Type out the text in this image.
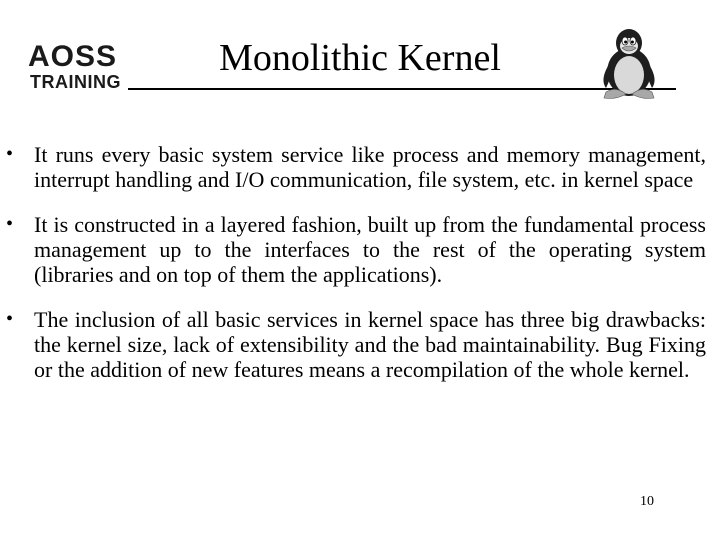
AOSS
TRAINING
Monolithic Kernel
• It runs every basic system service like process and memory management, interrupt handling and I/O communication, file system, etc. in kernel space
• It is constructed in a layered fashion, built up from the fundamental process management up to the interfaces to the rest of the operating system (libraries and on top of them the applications).
• The inclusion of all basic services in kernel space has three big drawbacks: the kernel size, lack of extensibility and the bad maintainability. Bug Fixing or the addition of new features means a recompilation of the whole kernel.
10
